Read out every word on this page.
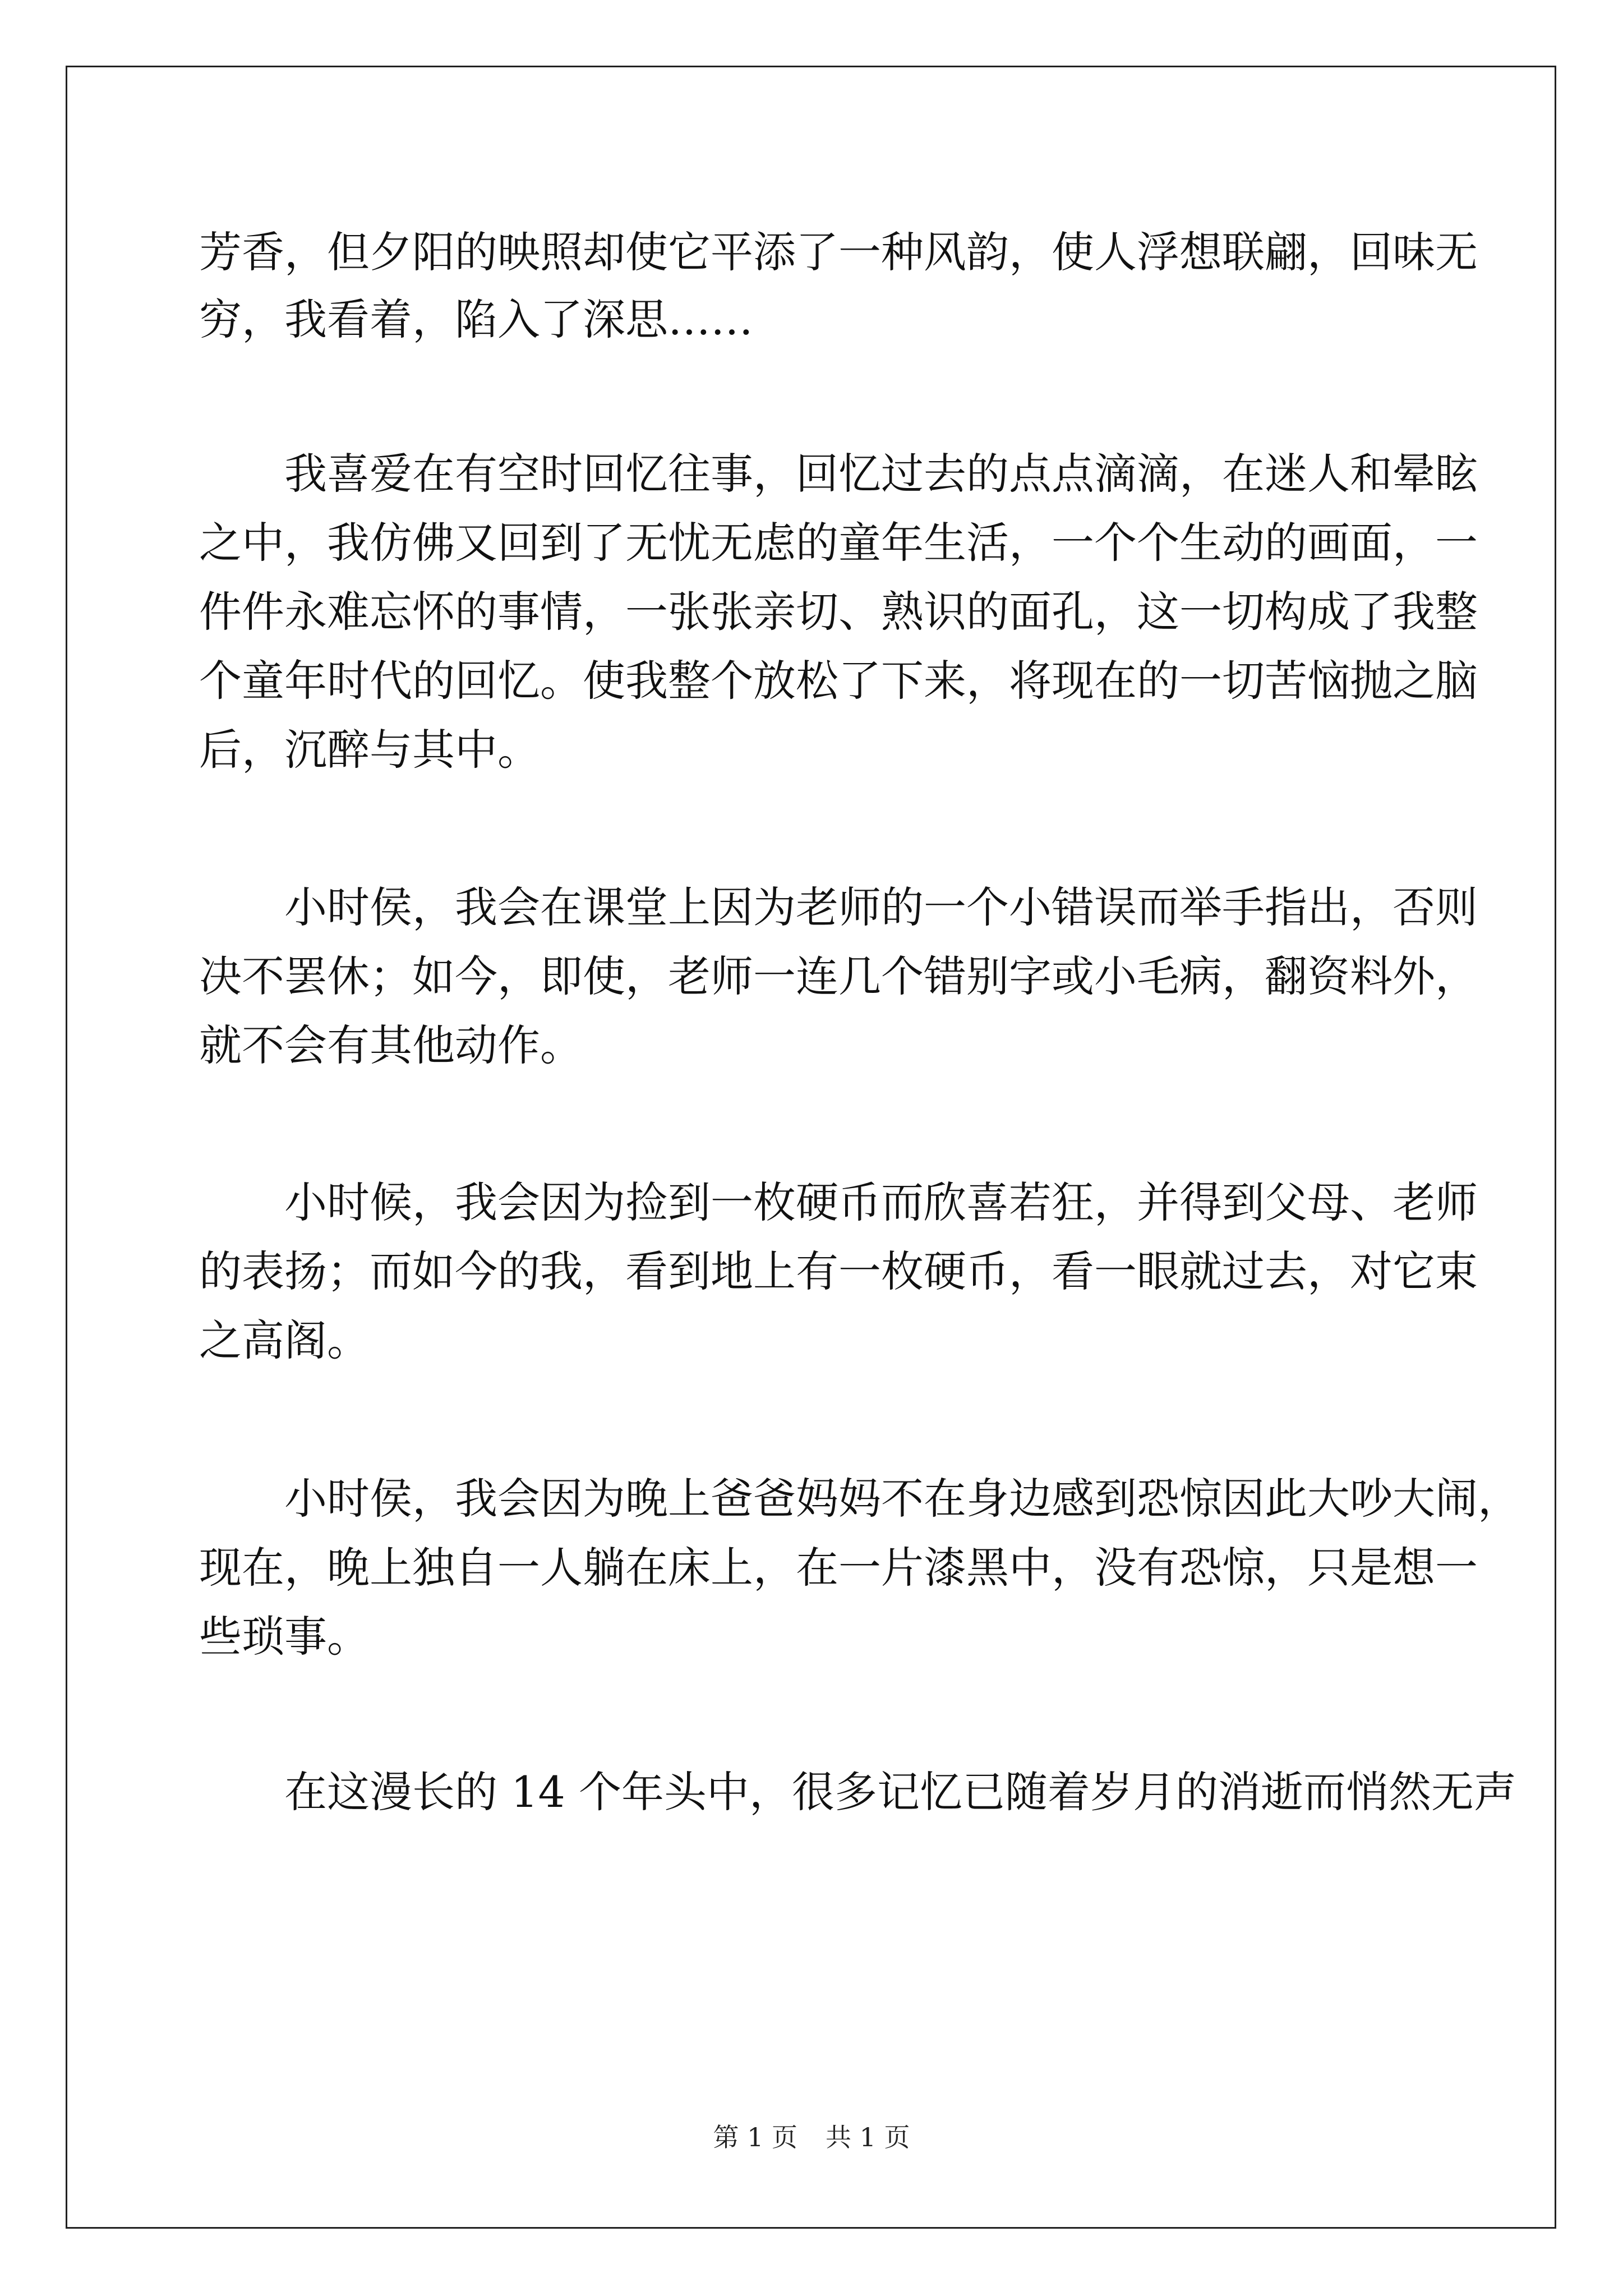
芳香，但夕阳的映照却使它平添了一种风韵，使人浮想联翩，回味无
穷，我看着，陷入了深思……
　　我喜爱在有空时回忆往事，回忆过去的点点滴滴，在迷人和晕眩
之中，我仿佛又回到了无忧无虑的童年生活，一个个生动的画面，一
件件永难忘怀的事情，一张张亲切、熟识的面孔，这一切构成了我整
个童年时代的回忆。使我整个放松了下来，将现在的一切苦恼抛之脑
后，沉醉与其中。
　　小时侯，我会在课堂上因为老师的一个小错误而举手指出，否则
决不罢休；如今，即使，老师一连几个错别字或小毛病，翻资料外，
就不会有其他动作。
　　小时候，我会因为捡到一枚硬币而欣喜若狂，并得到父母、老师
的表扬；而如今的我，看到地上有一枚硬币，看一眼就过去，对它束
之高阁。
　　小时侯，我会因为晚上爸爸妈妈不在身边感到恐惊因此大吵大闹，
现在，晚上独自一人躺在床上，在一片漆黑中，没有恐惊，只是想一
些琐事。
　　在这漫长的 14 个年头中，很多记忆已随着岁月的消逝而悄然无声
第 1 页 共 1 页
